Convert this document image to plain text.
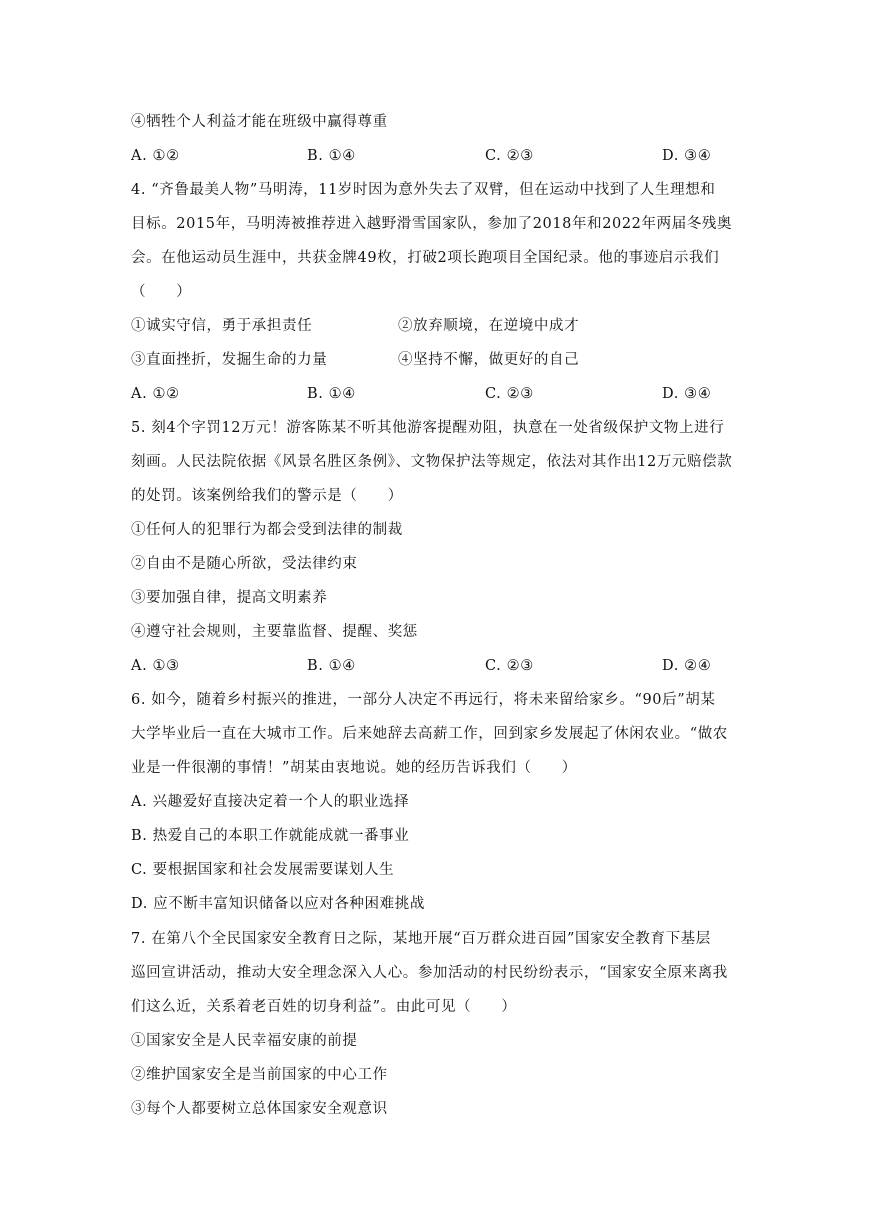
④牺牲个人利益才能在班级中赢得尊重
A. ①②	B. ①④	C. ②③	D. ③④
4. “齐鲁最美人物”马明涛，11岁时因为意外失去了双臂，但在运动中找到了人生理想和
目标。2015年，马明涛被推荐进入越野滑雪国家队，参加了2018年和2022年两届冬残奥
会。在他运动员生涯中，共获金牌49枚，打破2项长跑项目全国纪录。他的事迹启示我们
（　　）
①诚实守信，勇于承担责任	②放弃顺境，在逆境中成才
③直面挫折，发掘生命的力量	④坚持不懈，做更好的自己
A. ①②	B. ①④	C. ②③	D. ③④
5. 刻4个字罚12万元！游客陈某不听其他游客提醒劝阻，执意在一处省级保护文物上进行
刻画。人民法院依据《风景名胜区条例》、文物保护法等规定，依法对其作出12万元赔偿款
的处罚。该案例给我们的警示是（　　）
①任何人的犯罪行为都会受到法律的制裁
②自由不是随心所欲，受法律约束
③要加强自律，提高文明素养
④遵守社会规则，主要靠监督、提醒、奖惩
A. ①③	B. ①④	C. ②③	D. ②④
6. 如今，随着乡村振兴的推进，一部分人决定不再远行，将未来留给家乡。“90后”胡某
大学毕业后一直在大城市工作。后来她辞去高薪工作，回到家乡发展起了休闲农业。“做农
业是一件很潮的事情！”胡某由衷地说。她的经历告诉我们（　　）
A. 兴趣爱好直接决定着一个人的职业选择
B. 热爱自己的本职工作就能成就一番事业
C. 要根据国家和社会发展需要谋划人生
D. 应不断丰富知识储备以应对各种困难挑战
7. 在第八个全民国家安全教育日之际，某地开展“百万群众进百园”国家安全教育下基层
巡回宣讲活动，推动大安全理念深入人心。参加活动的村民纷纷表示，“国家安全原来离我
们这么近，关系着老百姓的切身利益”。由此可见（　　）
①国家安全是人民幸福安康的前提
②维护国家安全是当前国家的中心工作
③每个人都要树立总体国家安全观意识
